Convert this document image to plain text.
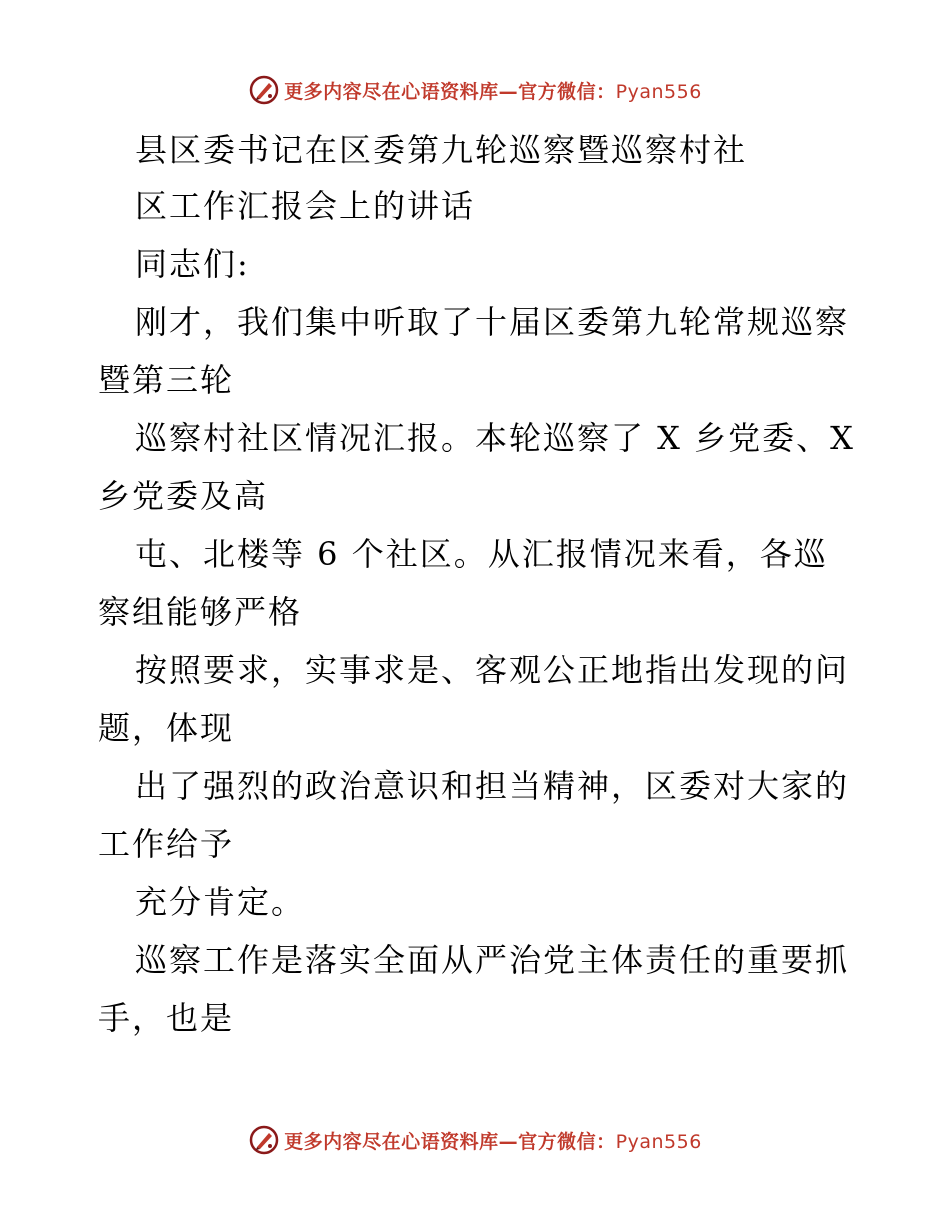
更多内容尽在心语资料库—官方微信：Pyan556
县区委书记在区委第九轮巡察暨巡察村社
区工作汇报会上的讲话
同志们:
刚才，我们集中听取了十届区委第九轮常规巡察
暨第三轮
巡察村社区情况汇报。本轮巡察了 X 乡党委、X
乡党委及高
屯、北楼等 6 个社区。从汇报情况来看，各巡
察组能够严格
按照要求，实事求是、客观公正地指出发现的问
题，体现
出了强烈的政治意识和担当精神，区委对大家的
工作给予
充分肯定。
巡察工作是落实全面从严治党主体责任的重要抓
手，也是
更多内容尽在心语资料库—官方微信：Pyan556
